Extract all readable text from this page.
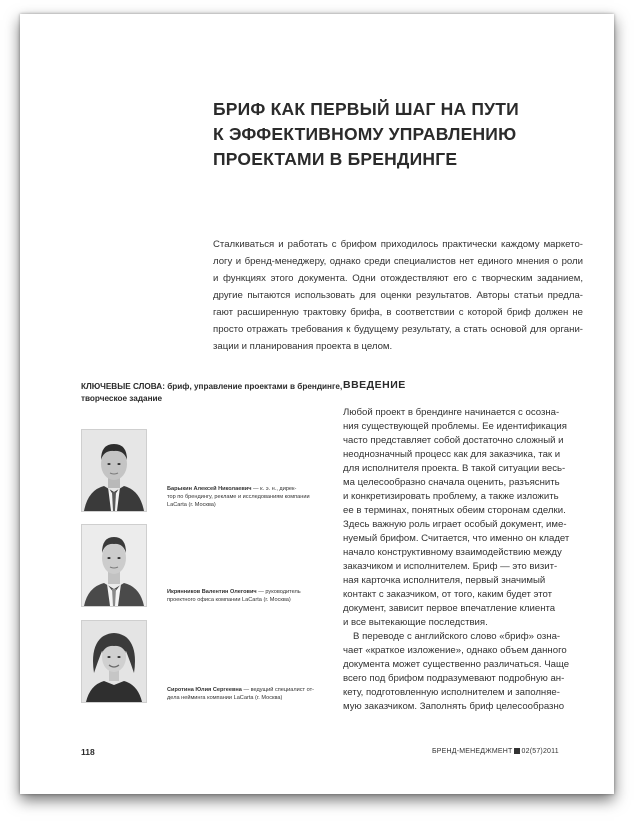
БРИФ КАК ПЕРВЫЙ ШАГ НА ПУТИ
К ЭФФЕКТИВНОМУ УПРАВЛЕНИЮ
ПРОЕКТАМИ В БРЕНДИНГЕ
Сталкиваться и работать с брифом приходилось практически каждому маркето-
логу и бренд-менеджеру, однако среди специалистов нет единого мнения о роли
и функциях этого документа. Одни отождествляют его с творческим заданием,
другие пытаются использовать для оценки результатов. Авторы статьи предла-
гают расширенную трактовку брифа, в соответствии с которой бриф должен не
просто отражать требования к будущему результату, а стать основой для органи-
зации и планирования проекта в целом.
КЛЮЧЕВЫЕ СЛОВА: бриф, управление проектами в брендинге,
творческое задание
ВВЕДЕНИЕ
Любой проект в брендинге начинается с осозна-
ния существующей проблемы. Ее идентификация
часто представляет собой достаточно сложный и
неоднозначный процесс как для заказчика, так и
для исполнителя проекта. В такой ситуации весь-
ма целесообразно сначала оценить, разъяснить
и конкретизировать проблему, а также изложить
ее в терминах, понятных обеим сторонам сделки.
Здесь важную роль играет особый документ, име-
нуемый брифом. Считается, что именно он кладет
начало конструктивному взаимодействию между
заказчиком и исполнителем. Бриф — это визит-
ная карточка исполнителя, первый значимый
контакт с заказчиком, от того, каким будет этот
документ, зависит первое впечатление клиента
и все вытекающие последствия.
В переводе с английского слово «бриф» озна-
чает «краткое изложение», однако объем данного
документа может существенно различаться. Чаще
всего под брифом подразумевают подробную ан-
кету, подготовленную исполнителем и заполняе-
мую заказчиком. Заполнять бриф целесообразно
Барыкин Алексей Николаевич — к. э. н., дирек-
тор по брендингу, рекламе и исследованиям компании
LaCarta (г. Москва)
Икрянников Валентин Олегович — руководитель
проектного офиса компании LaCarta (г. Москва)
Сиротина Юлия Сергеевна — ведущий специалист от-
дела нейминга компании LaCarta (г. Москва)
118	БРЕНД-МЕНЕДЖМЕНТ 02(57)2011
